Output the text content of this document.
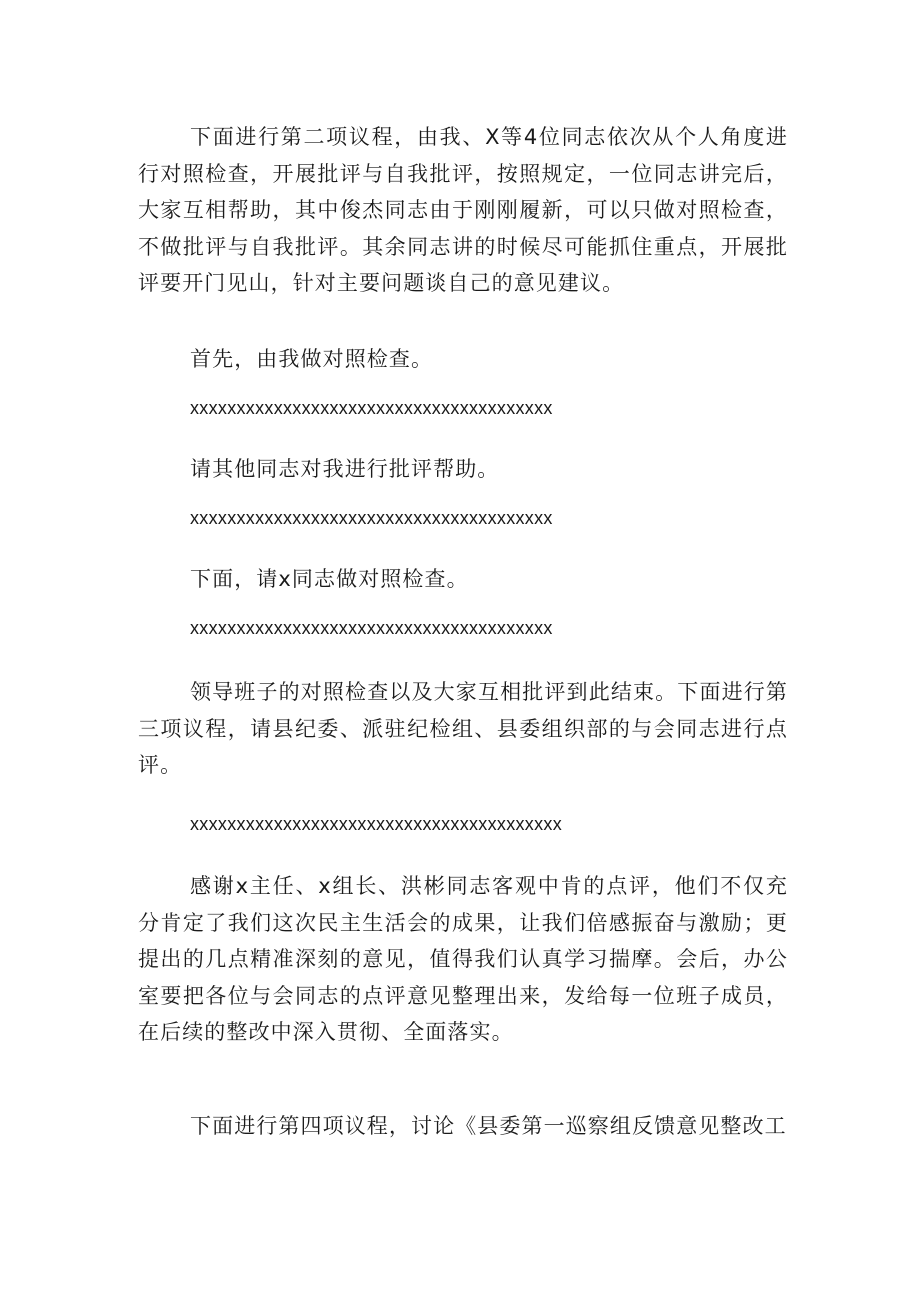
下面进行第二项议程，由我、X等4位同志依次从个人角度进行对照检查，开展批评与自我批评，按照规定，一位同志讲完后，大家互相帮助，其中俊杰同志由于刚刚履新，可以只做对照检查，不做批评与自我批评。其余同志讲的时候尽可能抓住重点，开展批评要开门见山，针对主要问题谈自己的意见建议。

首先，由我做对照检查。

xxxxxxxxxxxxxxxxxxxxxxxxxxxxxxxxxxxxxxx

请其他同志对我进行批评帮助。

xxxxxxxxxxxxxxxxxxxxxxxxxxxxxxxxxxxxxxx

下面，请x同志做对照检查。

xxxxxxxxxxxxxxxxxxxxxxxxxxxxxxxxxxxxxxx

领导班子的对照检查以及大家互相批评到此结束。下面进行第三项议程，请县纪委、派驻纪检组、县委组织部的与会同志进行点评。

xxxxxxxxxxxxxxxxxxxxxxxxxxxxxxxxxxxxxxxx

感谢x主任、x组长、洪彬同志客观中肯的点评，他们不仅充分肯定了我们这次民主生活会的成果，让我们倍感振奋与激励；更提出的几点精准深刻的意见，值得我们认真学习揣摩。会后，办公室要把各位与会同志的点评意见整理出来，发给每一位班子成员，在后续的整改中深入贯彻、全面落实。

下面进行第四项议程，讨论《县委第一巡察组反馈意见整改工
